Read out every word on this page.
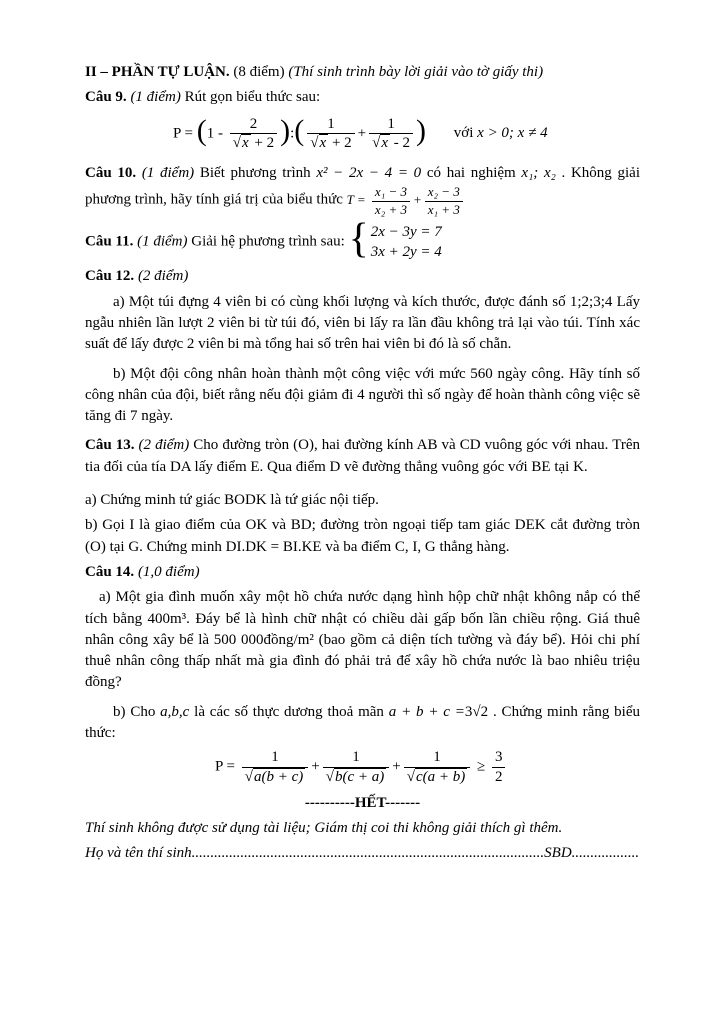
II – PHẦN TỰ LUẬN. (8 điểm) (Thí sinh trình bày lời giải vào tờ giấy thi)

Câu 9. (1 điểm) Rút gọn biểu thức sau:

$P = (1 - \frac{2}{√x + 2}$ ):( $\frac{1}{√x + 2} + \frac{1}{√x - 2}$ ) với x > 0; x ≠ 4

Câu 10. (1 điểm) Biết phương trình x² − 2x − 4 = 0 có hai nghiệm x₁; x₂ . Không giải phương trình, hãy tính giá trị của biểu thức $T = \frac{\text{x₁ − 3}}{\text{x₂ + 3}} + \frac{\text{x₂ − 3}}{\text{x₁ + 3}}$

Câu 11. (1 điểm) Giải hệ phương trình sau: { 2x − 3y = 7
3x + 2y = 4

Câu 12. (2 điểm)

a) Một túi đựng 4 viên bi có cùng khối lượng và kích thước, được đánh số 1;2;3;4 Lấy ngẫu nhiên lần lượt 2 viên bi từ túi đó, viên bi lấy ra lần đầu không trả lại vào túi. Tính xác suất để lấy được 2 viên bi mà tổng hai số trên hai viên bi đó là số chẵn.

b) Một đội công nhân hoàn thành một công việc với mức 560 ngày công. Hãy tính số công nhân của đội, biết rằng nếu đội giảm đi 4 người thì số ngày để hoàn thành công việc sẽ tăng đi 7 ngày.

Câu 13. (2 điểm) Cho đường tròn (O), hai đường kính AB và CD vuông góc với nhau. Trên tia đối của tía DA lấy điểm E. Qua điểm D vẽ đường thẳng vuông góc với BE tại K.

a) Chứng minh tứ giác BODK là tứ giác nội tiếp.

b) Gọi I là giao điểm của OK và BD; đường tròn ngoại tiếp tam giác DEK cắt đường tròn (O) tại G. Chứng minh DI.DK = BI.KE và ba điểm C, I, G thẳng hàng.

Câu 14. (1,0 điểm)

a) Một gia đình muốn xây một hồ chứa nước dạng hình hộp chữ nhật không nắp có thể tích bằng 400m³. Đáy bể là hình chữ nhật có chiều dài gấp bốn lần chiều rộng. Giá thuê nhân công xây bể là 500 000đồng/m² (bao gồm cả diện tích tường và đáy bể). Hỏi chi phí thuê nhân công thấp nhất mà gia đình đó phải trả để xây hồ chứa nước là bao nhiêu triệu đồng?

b) Cho a,b,c là các số thực dương thoả mãn a + b + c =3√2 . Chứng minh rằng biểu thức:

$P = \frac{1}{√a(b + c)} + \frac{1}{√b(c + a)} + \frac{1}{√c(a + b)} \ge \frac{3}{2}$

----------HẾT-------

Thí sinh không được sử dụng tài liệu; Giám thị coi thi không giải thích gì thêm.

Họ và tên thí sinh..............................................................................................SBD..................
